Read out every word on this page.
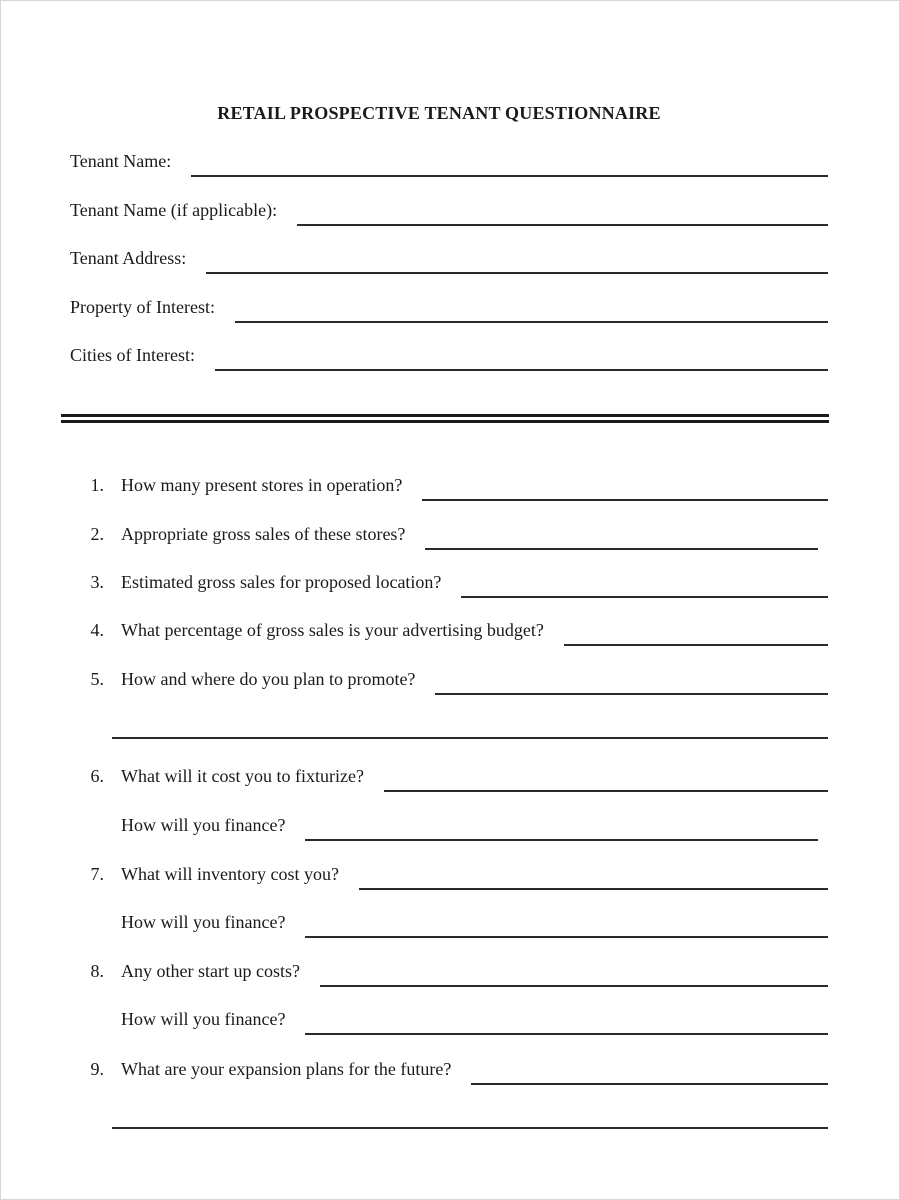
RETAIL PROSPECTIVE TENANT QUESTIONNAIRE
Tenant Name:
Tenant Name (if applicable):
Tenant Address:
Property of Interest:
Cities of Interest:
1. How many present stores in operation?
2. Appropriate gross sales of these stores?
3. Estimated gross sales for proposed location?
4. What percentage of gross sales is your advertising budget?
5. How and where do you plan to promote?
6. What will it cost you to fixturize?
How will you finance?
7. What will inventory cost you?
How will you finance?
8. Any other start up costs?
How will you finance?
9. What are your expansion plans for the future?
